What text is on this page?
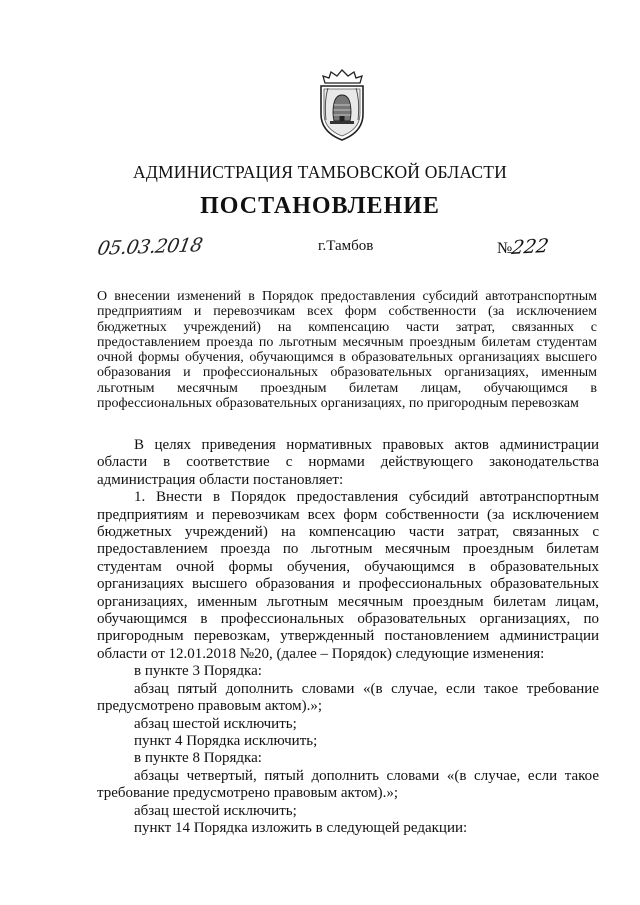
АДМИНИСТРАЦИЯ ТАМБОВСКОЙ ОБЛАСТИ
ПОСТАНОВЛЕНИЕ
05.03.2018	г.Тамбов	№222
О внесении изменений в Порядок предоставления субсидий автотранспортным предприятиям и перевозчикам всех форм собственности (за исключением бюджетных учреждений) на компенсацию части затрат, связанных с предоставлением проезда по льготным месячным проездным билетам студентам очной формы обучения, обучающимся в образовательных организациях высшего образования и профессиональных образовательных организациях, именным льготным месячным проездным билетам лицам, обучающимся в профессиональных образовательных организациях, по пригородным перевозкам

В целях приведения нормативных правовых актов администрации области в соответствие с нормами действующего законодательства администрация области постановляет:

1. Внести в Порядок предоставления субсидий автотранспортным предприятиям и перевозчикам всех форм собственности (за исключением бюджетных учреждений) на компенсацию части затрат, связанных с предоставлением проезда по льготным месячным проездным билетам студентам очной формы обучения, обучающимся в образовательных организациях высшего образования и профессиональных образовательных организациях, именным льготным месячным проездным билетам лицам, обучающимся в профессиональных образовательных организациях, по пригородным перевозкам, утвержденный постановлением администрации области от 12.01.2018 №20, (далее – Порядок) следующие изменения:

в пункте 3 Порядка:

абзац пятый дополнить словами «(в случае, если такое требование предусмотрено правовым актом).»;

абзац шестой исключить;

пункт 4 Порядка исключить;

в пункте 8 Порядка:

абзацы четвертый, пятый дополнить словами «(в случае, если такое требование предусмотрено правовым актом).»;

абзац шестой исключить;

пункт 14 Порядка изложить в следующей редакции:
